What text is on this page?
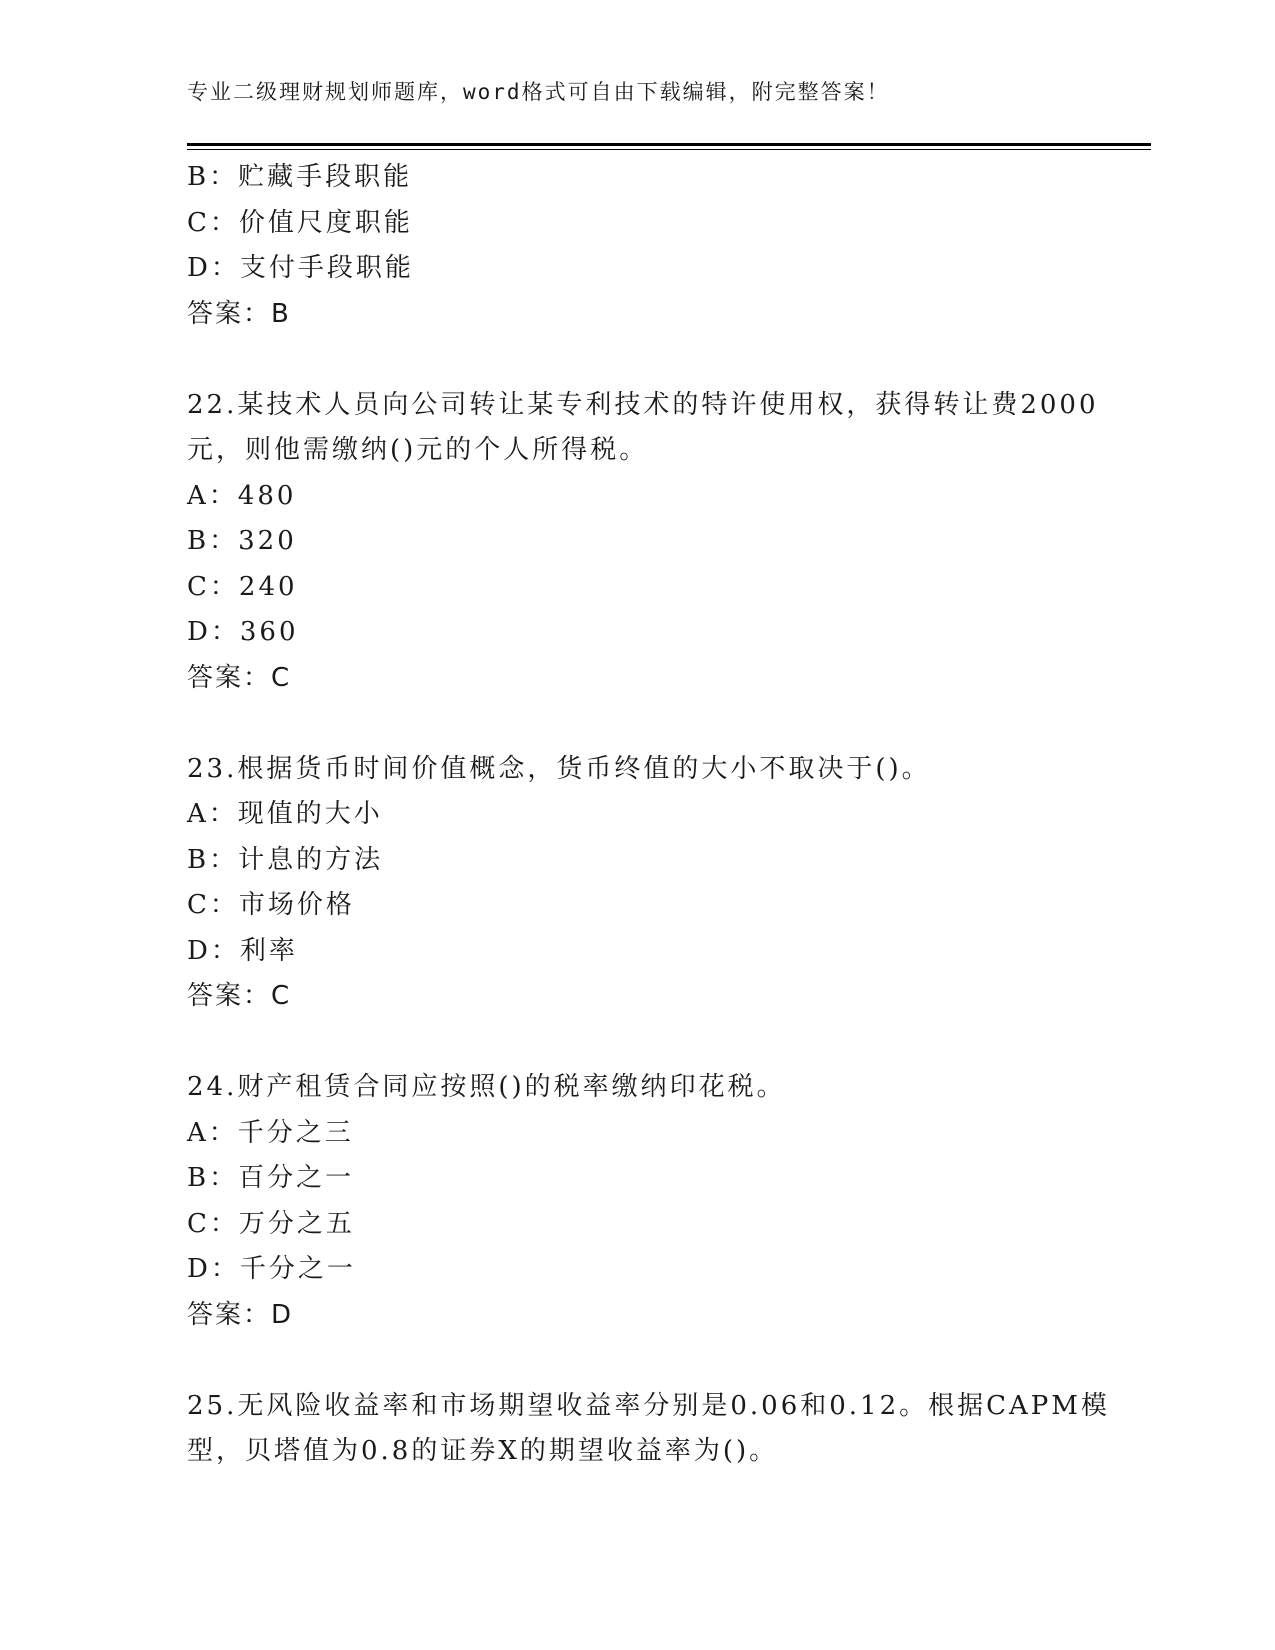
专业二级理财规划师题库，word格式可自由下载编辑，附完整答案！
B：贮藏手段职能
C：价值尺度职能
D：支付手段职能
答案：B
22.某技术人员向公司转让某专利技术的特许使用权，获得转让费2000
元，则他需缴纳()元的个人所得税。
A：480
B：320
C：240
D：360
答案：C
23.根据货币时间价值概念，货币终值的大小不取决于()。
A：现值的大小
B：计息的方法
C：市场价格
D：利率
答案：C
24.财产租赁合同应按照()的税率缴纳印花税。
A：千分之三
B：百分之一
C：万分之五
D：千分之一
答案：D
25.无风险收益率和市场期望收益率分别是0.06和0.12。根据CAPM模
型，贝塔值为0.8的证券X的期望收益率为()。
